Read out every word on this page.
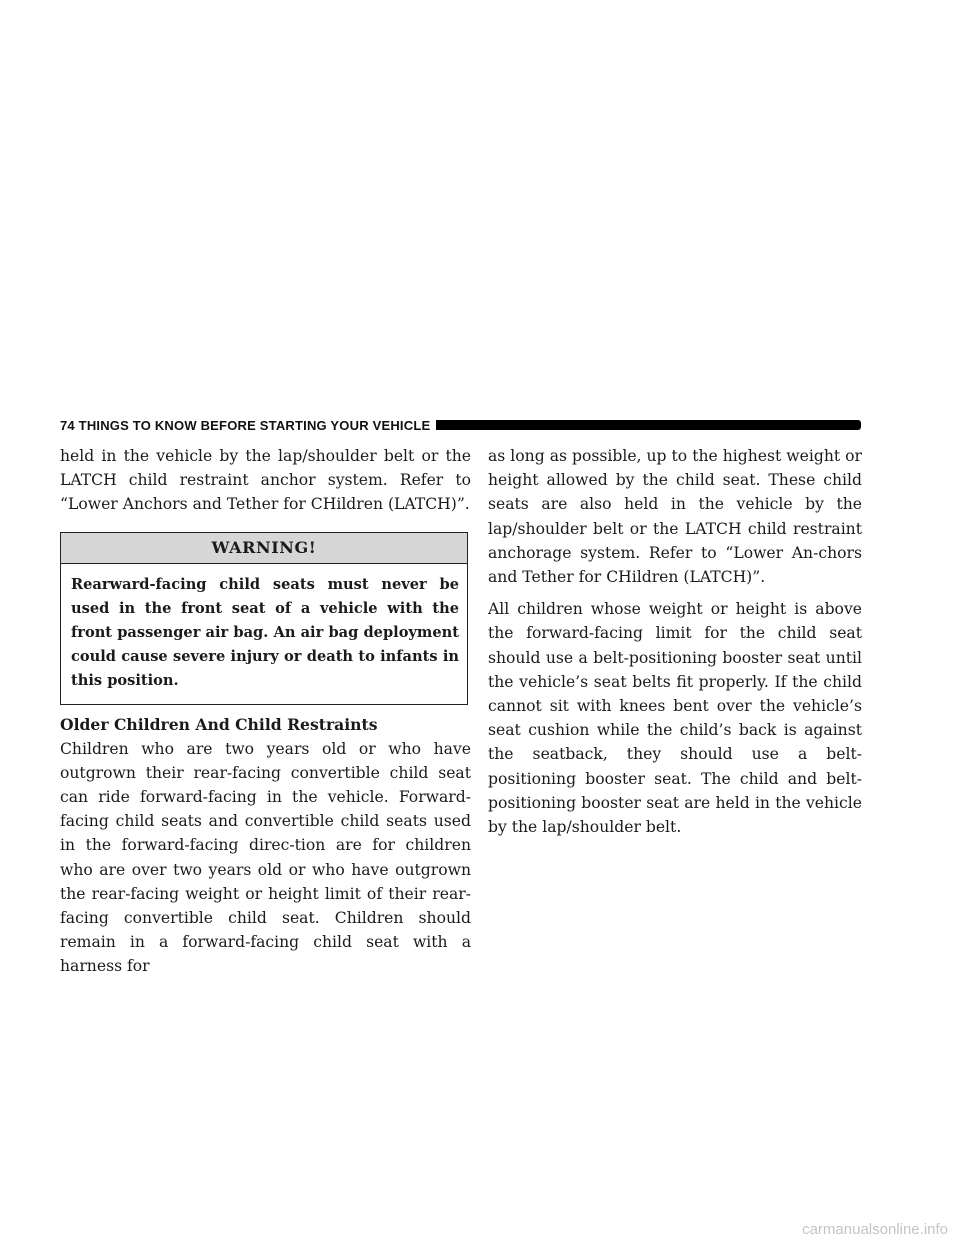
74 THINGS TO KNOW BEFORE STARTING YOUR VEHICLE

held in the vehicle by the lap/shoulder belt or the LATCH child restraint anchor system. Refer to “Lower Anchors and Tether for CHildren (LATCH)”.

WARNING!
Rearward-facing child seats must never be used in the front seat of a vehicle with the front passenger air bag. An air bag deployment could cause severe injury or death to infants in this position.
Older Children And Child Restraints

Children who are two years old or who have outgrown their rear-facing convertible child seat can ride forward-facing in the vehicle. Forward-facing child seats and convertible child seats used in the forward-facing direc-tion are for children who are over two years old or who have outgrown the rear-facing weight or height limit of their rear-facing convertible child seat. Children should remain in a forward-facing child seat with a harness for

as long as possible, up to the highest weight or height allowed by the child seat. These child seats are also held in the vehicle by the lap/shoulder belt or the LATCH child restraint anchorage system. Refer to “Lower An-chors and Tether for CHildren (LATCH)”.

All children whose weight or height is above the forward-facing limit for the child seat should use a belt-positioning booster seat until the vehicle’s seat belts fit properly. If the child cannot sit with knees bent over the vehicle’s seat cushion while the child’s back is against the seatback, they should use a belt-positioning booster seat. The child and belt-positioning booster seat are held in the vehicle by the lap/shoulder belt.

carmanualsonline.info
